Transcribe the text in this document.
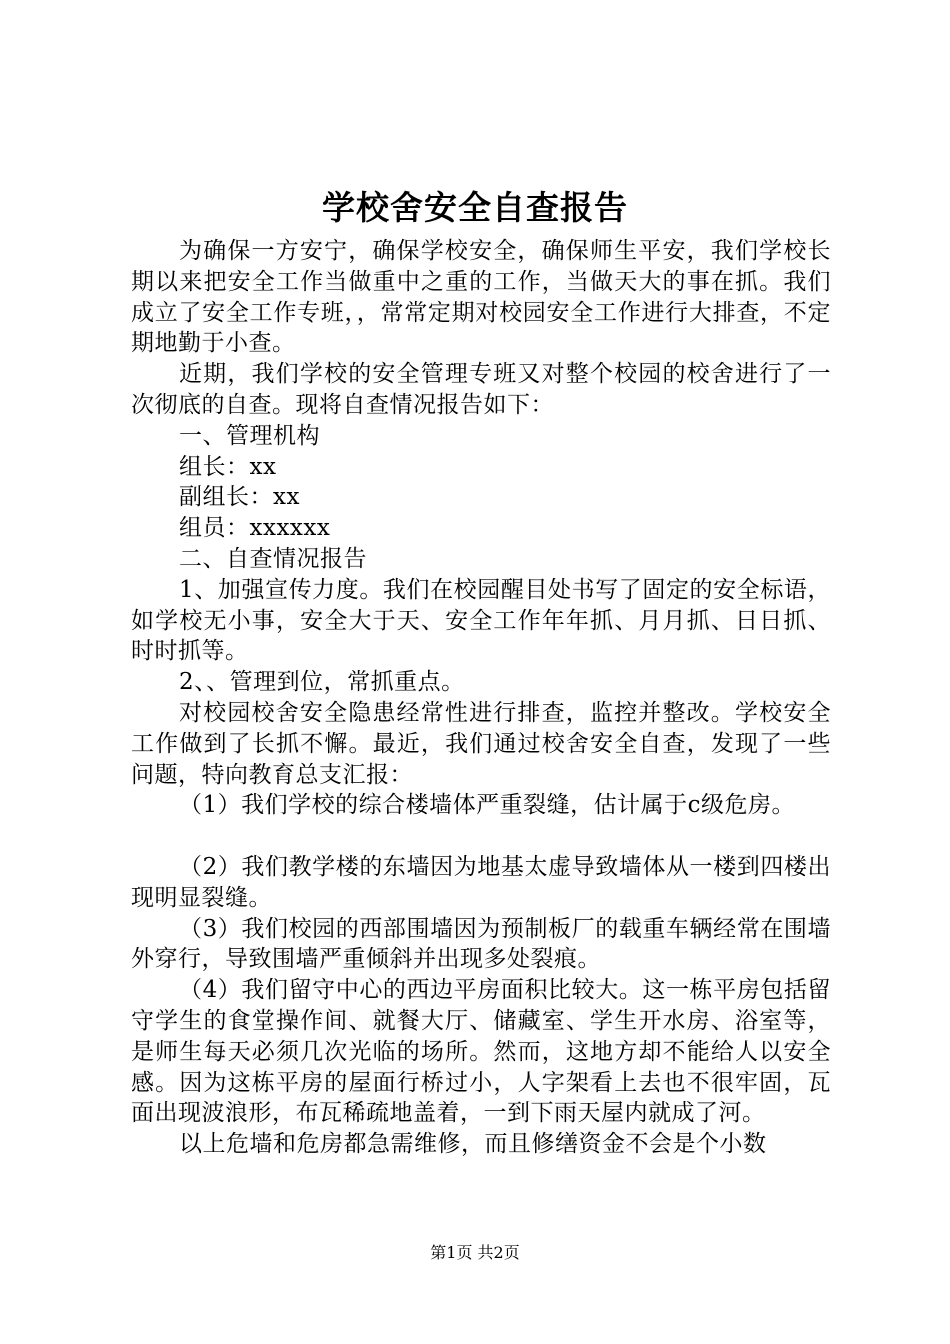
学校舍安全自查报告

为确保一方安宁，确保学校安全，确保师生平安，我们学校长期以来把安全工作当做重中之重的工作，当做天大的事在抓。我们成立了安全工作专班，，常常定期对校园安全工作进行大排查，不定期地勤于小查。

近期，我们学校的安全管理专班又对整个校园的校舍进行了一次彻底的自查。现将自查情况报告如下：

一、管理机构

组长：xx

副组长：xx

组员：xxxxxx

二、自查情况报告

1、加强宣传力度。我们在校园醒目处书写了固定的安全标语，如学校无小事，安全大于天、安全工作年年抓、月月抓、日日抓、时时抓等。

2、、管理到位，常抓重点。

对校园校舍安全隐患经常性进行排查，监控并整改。学校安全工作做到了长抓不懈。最近，我们通过校舍安全自查，发现了一些问题，特向教育总支汇报：

（1）我们学校的综合楼墙体严重裂缝，估计属于c级危房。

（2）我们教学楼的东墙因为地基太虚导致墙体从一楼到四楼出现明显裂缝。

（3）我们校园的西部围墙因为预制板厂的载重车辆经常在围墙外穿行，导致围墙严重倾斜并出现多处裂痕。

（4）我们留守中心的西边平房面积比较大。这一栋平房包括留守学生的食堂操作间、就餐大厅、储藏室、学生开水房、浴室等，是师生每天必须几次光临的场所。然而，这地方却不能给人以安全感。因为这栋平房的屋面行桥过小，人字架看上去也不很牢固，瓦面出现波浪形，布瓦稀疏地盖着，一到下雨天屋内就成了河。

以上危墙和危房都急需维修，而且修缮资金不会是个小数

第1页 共2页
